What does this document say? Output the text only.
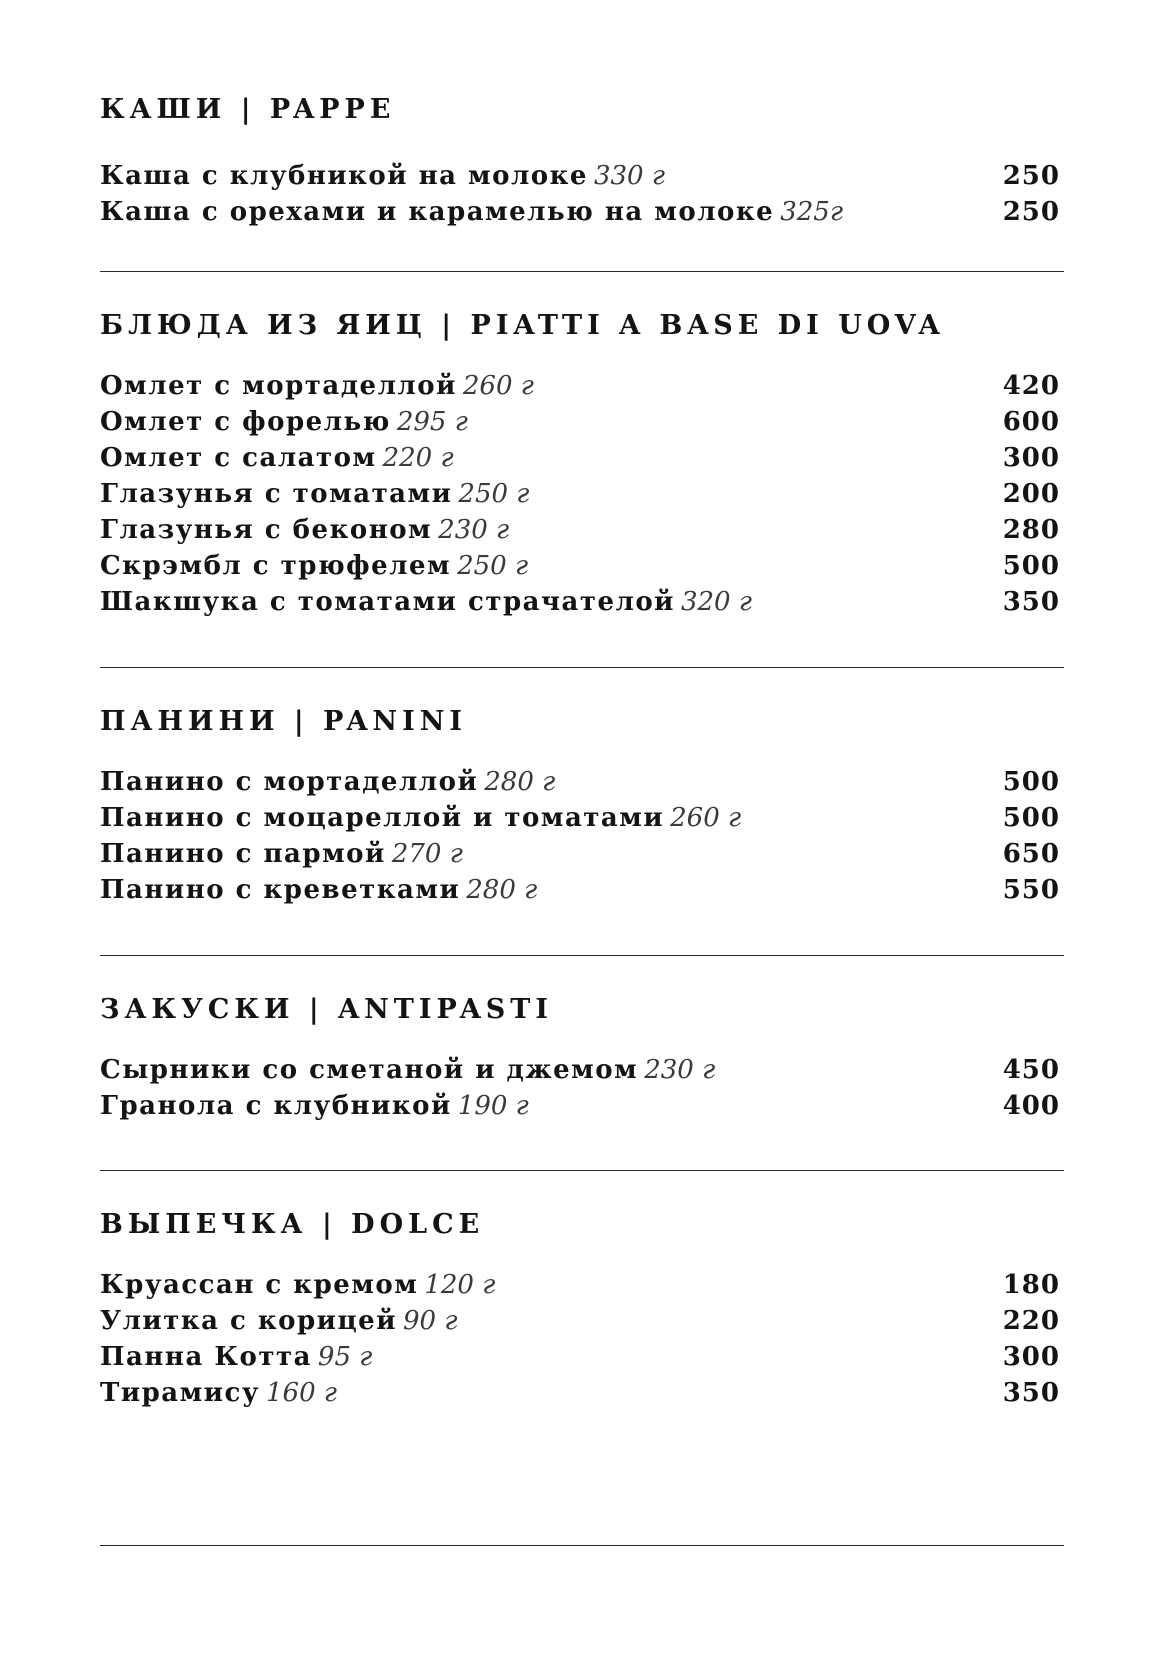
КАШИ | PAPPE
Каша с клубникой на молоке 330 г	250
Каша с орехами и карамелью на молоке 325г	250
БЛЮДА ИЗ ЯИЦ | PIATTI A BASE DI UOVA
Омлет с мортаделлой 260 г	420
Омлет с форелью 295 г	600
Омлет с салатом 220 г	300
Глазунья с томатами 250 г	200
Глазунья с беконом 230 г	280
Скрэмбл с трюфелем 250 г	500
Шакшука с томатами страчателой 320 г	350
ПАНИНИ | PANINI
Панино с мортаделлой 280 г	500
Панино с моцареллой и томатами 260 г	500
Панино с пармой 270 г	650
Панино с креветками 280 г	550
ЗАКУСКИ | ANTIPASTI
Сырники со сметаной и джемом 230 г	450
Гранола с клубникой 190 г	400
ВЫПЕЧКА | DOLCE
Круассан с кремом 120 г	180
Улитка с корицей 90 г	220
Панна Котта 95 г	300
Тирамису 160 г	350
